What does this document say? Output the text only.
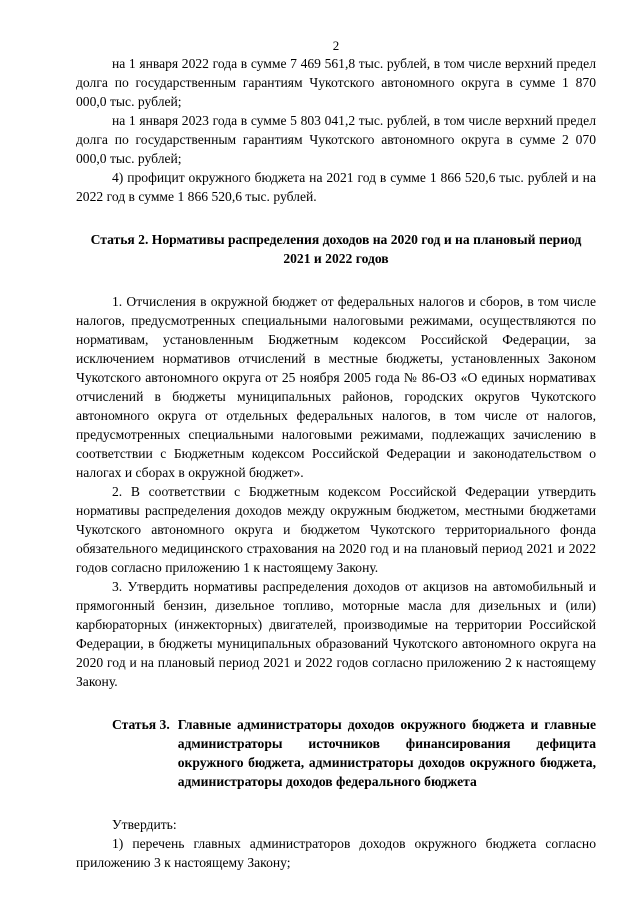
2

на 1 января 2022 года в сумме 7 469 561,8 тыс. рублей, в том числе верхний предел долга по государственным гарантиям Чукотского автономного округа в сумме 1 870 000,0 тыс. рублей;

на 1 января 2023 года в сумме 5 803 041,2 тыс. рублей, в том числе верхний предел долга по государственным гарантиям Чукотского автономного округа в сумме 2 070 000,0 тыс. рублей;

4) профицит окружного бюджета на 2021 год в сумме 1 866 520,6 тыс. рублей и на 2022 год в сумме 1 866 520,6 тыс. рублей.

Статья 2. Нормативы распределения доходов на 2020 год и на плановый период 2021 и 2022 годов

1. Отчисления в окружной бюджет от федеральных налогов и сборов, в том числе налогов, предусмотренных специальными налоговыми режимами, осуществляются по нормативам, установленным Бюджетным кодексом Российской Федерации, за исключением нормативов отчислений в местные бюджеты, установленных Законом Чукотского автономного округа от 25 ноября 2005 года № 86-ОЗ «О единых нормативах отчислений в бюджеты муниципальных районов, городских округов Чукотского автономного округа от отдельных федеральных налогов, в том числе от налогов, предусмотренных специальными налоговыми режимами, подлежащих зачислению в соответствии с Бюджетным кодексом Российской Федерации и законодательством о налогах и сборах в окружной бюджет».

2. В соответствии с Бюджетным кодексом Российской Федерации утвердить нормативы распределения доходов между окружным бюджетом, местными бюджетами Чукотского автономного округа и бюджетом Чукотского территориального фонда обязательного медицинского страхования на 2020 год и на плановый период 2021 и 2022 годов согласно приложению 1 к настоящему Закону.

3. Утвердить нормативы распределения доходов от акцизов на автомобильный и прямогонный бензин, дизельное топливо, моторные масла для дизельных и (или) карбюраторных (инжекторных) двигателей, производимые на территории Российской Федерации, в бюджеты муниципальных образований Чукотского автономного округа на 2020 год и на плановый период 2021 и 2022 годов согласно приложению 2 к настоящему Закону.

Статья 3. Главные администраторы доходов окружного бюджета и главные администраторы источников финансирования дефицита окружного бюджета, администраторы доходов окружного бюджета, администраторы доходов федерального бюджета

Утвердить:

1) перечень главных администраторов доходов окружного бюджета согласно приложению 3 к настоящему Закону;
